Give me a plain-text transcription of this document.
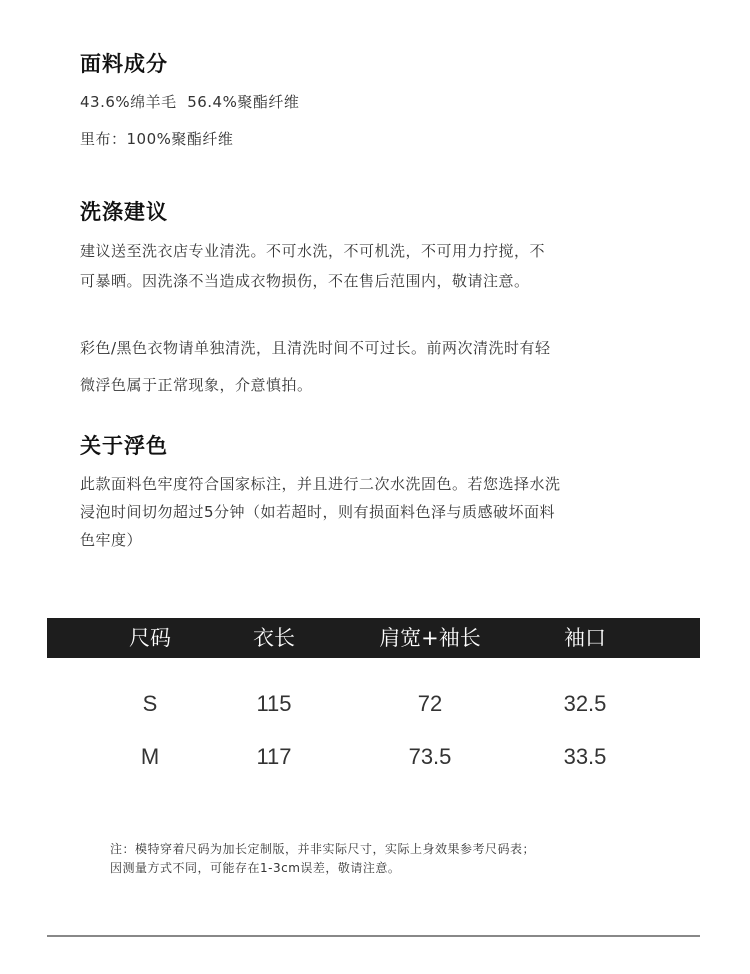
面料成分

43.6%绵羊毛  56.4%聚酯纤维

里布：100%聚酯纤维

洗涤建议
建议送至洗衣店专业清洗。不可水洗，不可机洗，不可用力拧搅，不
可暴晒。因洗涤不当造成衣物损伤，不在售后范围内，敬请注意。
彩色/黑色衣物请单独清洗，且清洗时间不可过长。前两次清洗时有轻
微浮色属于正常现象，介意慎拍。
关于浮色
此款面料色牢度符合国家标注，并且进行二次水洗固色。若您选择水洗
浸泡时间切勿超过5分钟（如若超时，则有损面料色泽与质感破坏面料
色牢度）
尺码	衣长	肩宽+袖长	袖口
S	115	72	32.5
M	117	73.5	33.5
注：模特穿着尺码为加长定制版，并非实际尺寸，实际上身效果参考尺码表；
因测量方式不同，可能存在1-3cm误差，敬请注意。
